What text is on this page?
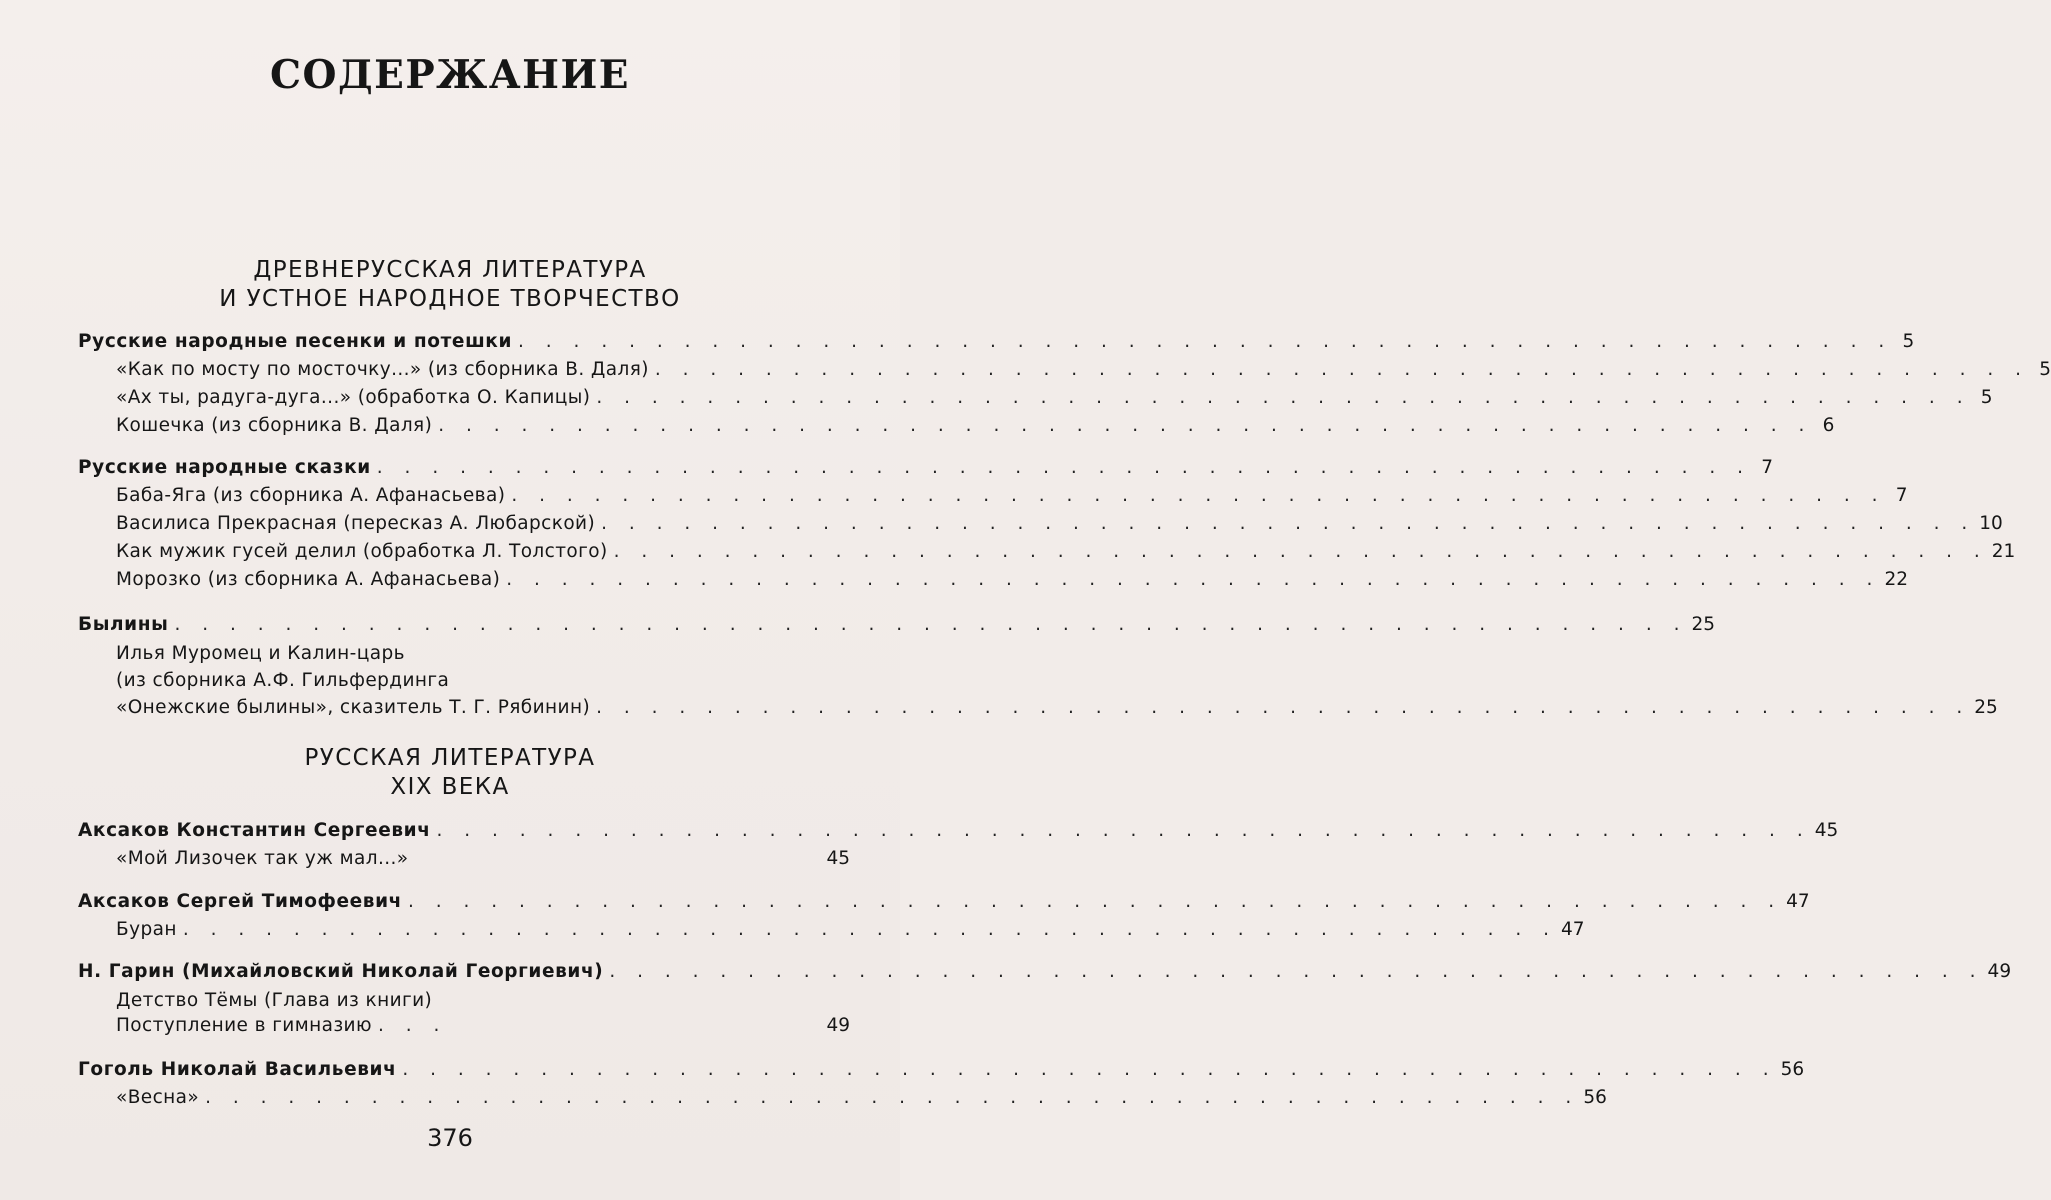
СОДЕРЖАНИЕ
ДРЕВНЕРУССКАЯ ЛИТЕРАТУРА
И УСТНОЕ НАРОДНОЕ ТВОРЧЕСТВО
Русские народные песенки и потешки . . . . . . . . . . . . . . . . . . . . . . . . . . . . . . . . . . . . . . . . . . . . . . . . . . 5
«Как по мосту по мосточку...» (из сборника В. Даля) . . . . . . . . . . . . . . . . . . . . . . . . . . . . . . . . . . . . . . . . . . . . . . . . . . 5
«Ах ты, радуга-дуга...» (обработка О. Капицы) . . . . . . . . . . . . . . . . . . . . . . . . . . . . . . . . . . . . . . . . . . . . . . . . . . 5
Кошечка (из сборника В. Даля) . . . . . . . . . . . . . . . . . . . . . . . . . . . . . . . . . . . . . . . . . . . . . . . . . . 6
Русские народные сказки . . . . . . . . . . . . . . . . . . . . . . . . . . . . . . . . . . . . . . . . . . . . . . . . . . 7
Баба-Яга (из сборника А. Афанасьева) . . . . . . . . . . . . . . . . . . . . . . . . . . . . . . . . . . . . . . . . . . . . . . . . . . 7
Василиса Прекрасная (пересказ А. Любарской) . . . . . . . . . . . . . . . . . . . . . . . . . . . . . . . . . . . . . . . . . . . . . . . . . . 10
Как мужик гусей делил (обработка Л. Толстого) . . . . . . . . . . . . . . . . . . . . . . . . . . . . . . . . . . . . . . . . . . . . . . . . . . 21
Морозко (из сборника А. Афанасьева) . . . . . . . . . . . . . . . . . . . . . . . . . . . . . . . . . . . . . . . . . . . . . . . . . . 22
Былины . . . . . . . . . . . . . . . . . . . . . . . . . . . . . . . . . . . . . . . . . . . . . . . . . . . . . . . 25
Илья Муромец и Калин-царь
(из сборника А.Ф. Гильфердинга
«Онежские былины», сказитель Т. Г. Рябинин) . . . . . . . . . . . . . . . . . . . . . . . . . . . . . . . . . . . . . . . . . . . . . . . . . . 25
РУССКАЯ ЛИТЕРАТУРА
XIX ВЕКА
Аксаков Константин Сергеевич . . . . . . . . . . . . . . . . . . . . . . . . . . . . . . . . . . . . . . . . . . . . . . . . . . 45
«Мой Лизочек так уж мал...»	45
Аксаков Сергей Тимофеевич . . . . . . . . . . . . . . . . . . . . . . . . . . . . . . . . . . . . . . . . . . . . . . . . . . 47
Буран . . . . . . . . . . . . . . . . . . . . . . . . . . . . . . . . . . . . . . . . . . . . . . . . . . 47
Н. Гарин (Михайловский Николай Георгиевич) . . . . . . . . . . . . . . . . . . . . . . . . . . . . . . . . . . . . . . . . . . . . . . . . . . 49
Детство Тёмы (Глава из книги)
Поступление в гимназию . . .	49
Гоголь Николай Васильевич . . . . . . . . . . . . . . . . . . . . . . . . . . . . . . . . . . . . . . . . . . . . . . . . . . 56
«Весна» . . . . . . . . . . . . . . . . . . . . . . . . . . . . . . . . . . . . . . . . . . . . . . . . . . 56
376
